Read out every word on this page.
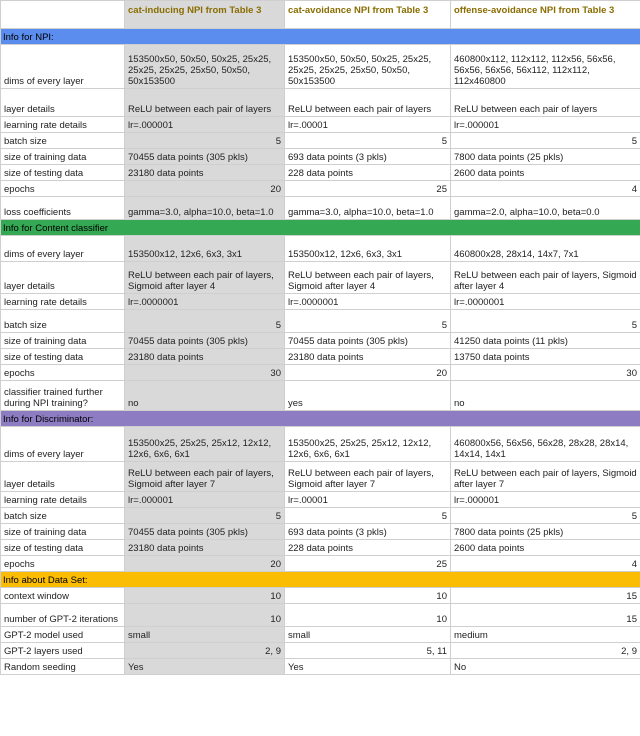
	cat-inducing NPI from Table 3	cat-avoidance NPI from Table 3	offense-avoidance NPI from Table 3
Info for NPI:			
dims of every layer	153500x50, 50x50, 50x25, 25x25, 25x25, 25x25, 25x50, 50x50, 50x153500	153500x50, 50x50, 50x25, 25x25, 25x25, 25x25, 25x50, 50x50, 50x153500	460800x112, 112x112, 112x56, 56x56, 56x56, 56x56, 56x112, 112x112, 112x460800
layer details	ReLU between each pair of layers	ReLU between each pair of layers	ReLU between each pair of layers
learning rate details	lr=.000001	lr=.00001	lr=.000001
batch size	5	5	5
size of training data	70455 data points (305 pkls)	693 data points (3 pkls)	7800 data points (25 pkls)
size of testing data	23180 data points	228 data points	2600 data points
epochs	20	25	4
loss coefficients	gamma=3.0, alpha=10.0, beta=1.0	gamma=3.0, alpha=10.0, beta=1.0	gamma=2.0, alpha=10.0, beta=0.0
Info for Content classifier			
dims of every layer	153500x12, 12x6, 6x3, 3x1	153500x12, 12x6, 6x3, 3x1	460800x28, 28x14, 14x7, 7x1
layer details	ReLU between each pair of layers, Sigmoid after layer 4	ReLU between each pair of layers, Sigmoid after layer 4	ReLU between each pair of layers, Sigmoid after layer 4
learning rate details	lr=.0000001	lr=.0000001	lr=.0000001
batch size	5	5	5
size of training data	70455 data points (305 pkls)	70455 data points (305 pkls)	41250 data points (11 pkls)
size of testing data	23180 data points	23180 data points	13750 data points
epochs	30	20	30
classifier trained further during NPI training?	no	yes	no
Info for Discriminator:			
dims of every layer	153500x25, 25x25, 25x12, 12x12, 12x6, 6x6, 6x1	153500x25, 25x25, 25x12, 12x12, 12x6, 6x6, 6x1	460800x56, 56x56, 56x28, 28x28, 28x14, 14x14, 14x1
layer details	ReLU between each pair of layers, Sigmoid after layer 7	ReLU between each pair of layers, Sigmoid after layer 7	ReLU between each pair of layers, Sigmoid after layer 7
learning rate details	lr=.000001	lr=.00001	lr=.000001
batch size	5	5	5
size of training data	70455 data points (305 pkls)	693 data points (3 pkls)	7800 data points (25 pkls)
size of testing data	23180 data points	228 data points	2600 data points
epochs	20	25	4
Info about Data Set:			
context window	10	10	15
number of GPT-2 iterations	10	10	15
GPT-2 model used	small	small	medium
GPT-2 layers used	2, 9	5, 11	2, 9
Random seeding	Yes	Yes	No
